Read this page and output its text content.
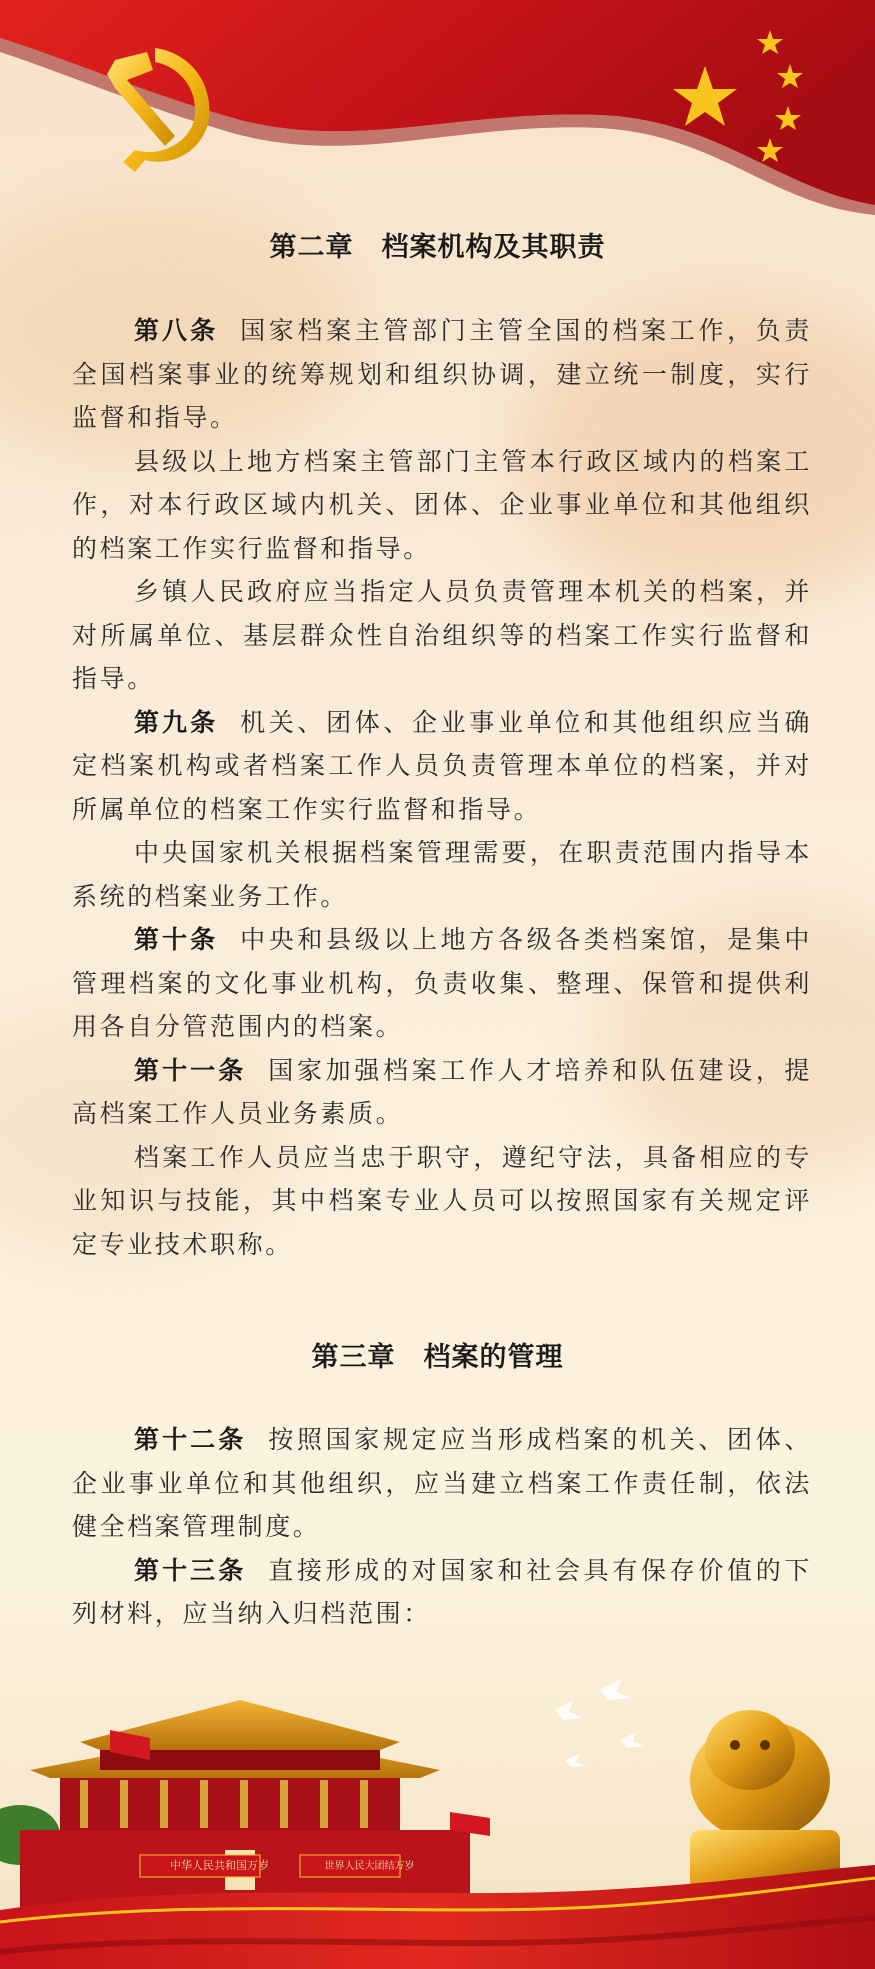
第二章　档案机构及其职责

第八条 国家档案主管部门主管全国的档案工作，负责全国档案事业的统筹规划和组织协调，建立统一制度，实行监督和指导。

县级以上地方档案主管部门主管本行政区域内的档案工作，对本行政区域内机关、团体、企业事业单位和其他组织的档案工作实行监督和指导。

乡镇人民政府应当指定人员负责管理本机关的档案，并对所属单位、基层群众性自治组织等的档案工作实行监督和指导。

第九条 机关、团体、企业事业单位和其他组织应当确定档案机构或者档案工作人员负责管理本单位的档案，并对所属单位的档案工作实行监督和指导。

中央国家机关根据档案管理需要，在职责范围内指导本系统的档案业务工作。

第十条 中央和县级以上地方各级各类档案馆，是集中管理档案的文化事业机构，负责收集、整理、保管和提供利用各自分管范围内的档案。

第十一条 国家加强档案工作人才培养和队伍建设，提高档案工作人员业务素质。

档案工作人员应当忠于职守，遵纪守法，具备相应的专业知识与技能，其中档案专业人员可以按照国家有关规定评定专业技术职称。

第三章　档案的管理

第十二条 按照国家规定应当形成档案的机关、团体、企业事业单位和其他组织，应当建立档案工作责任制，依法健全档案管理制度。

第十三条 直接形成的对国家和社会具有保存价值的下列材料，应当纳入归档范围：

中华人民共和国万岁	世界人民大团结万岁
